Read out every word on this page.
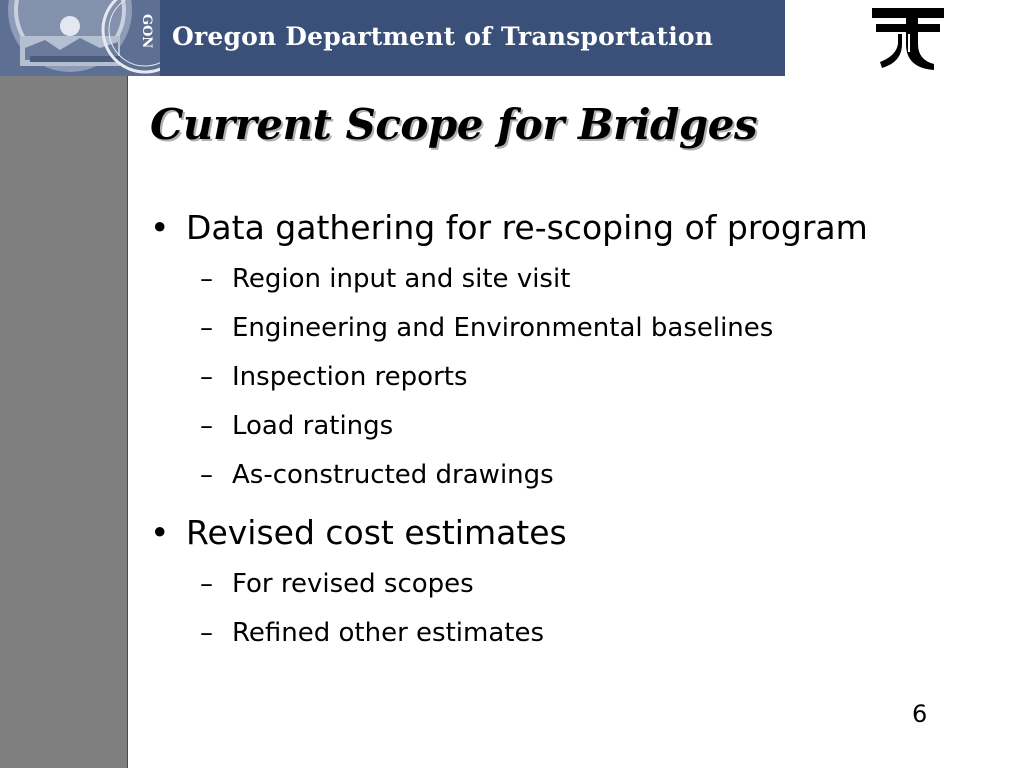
GON Oregon Department of Transportation
Current Scope for Bridges
• Data gathering for re-scoping of program
– Region input and site visit
– Engineering and Environmental baselines
– Inspection reports
– Load ratings
– As-constructed drawings
• Revised cost estimates
– For revised scopes
– Refined other estimates
6
